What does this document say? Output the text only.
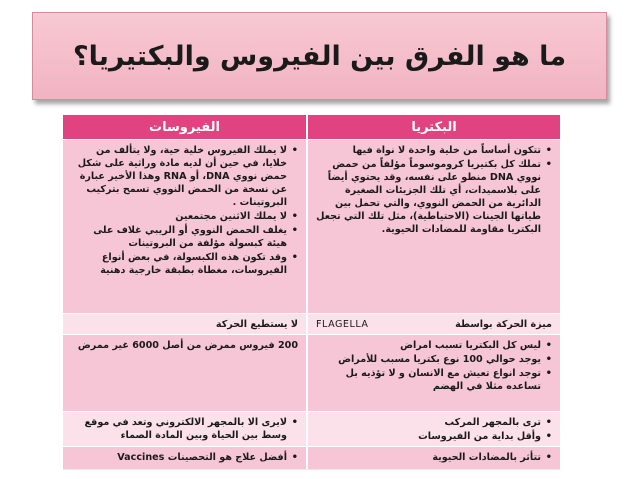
ما هو الفرق بين الفيروس والبكتيريا؟
البكتريا
الفيروسات
• تتكون أساساً من خلية واحدة لا نواة فيها
• تملك كل بكتيريا كروموسوماً مؤلفاً من حمض نووي DNA منطو على نفسه، وقد يحتوي أيضاً على بلاسميدات، أي تلك الجزيئات الصغيرة الدائرية من الحمض النووي، والتي تحمل بين طياتها الجينات (الاحتياطية)، مثل تلك التي تجعل البكتريا مقاومة للمضادات الحيوية.
• لا يملك الفيروس خلية حية، ولا يتألف من خلايا، في حين أن لديه مادة وراثية على شكل حمض نووي DNA، أو RNA وهذا الأخير عبارة عن نسخة من الحمض النووي تسمح بتركيب البروتينات .
• لا يملك الاثنين مجتمعين
• يغلف الحمض النووي أو الريبي غلاف على هيئة كبسولة مؤلفة من البروتينات
• وقد تكون هذه الكبسولة، في بعض أنواع الفيروسات، مغطاة بطبقة خارجية دهنية
ميزة الحركة بواسطة
FLAGELLA
لا يستطيع الحركة
• ليس كل البكتريا تسبب امراض
• يوجد حوالي 100 نوع بكتريا مسبب للأمراض
• توجد انواع تعيش مع الانسان و لا تؤذيه بل تساعده مثلا في الهضم
200 فيروس ممرض من أصل 6000 غير ممرض
• ترى بالمجهر المركب
• وأقل بداية من الفيروسات
• لايرى الا بالمجهر الالكتروني وتعد في موقع وسط بين الحياة وبين المادة الصماء
• تتأثر بالمضادات الحيوية
• أفضل علاج هو التحصينات Vaccines
